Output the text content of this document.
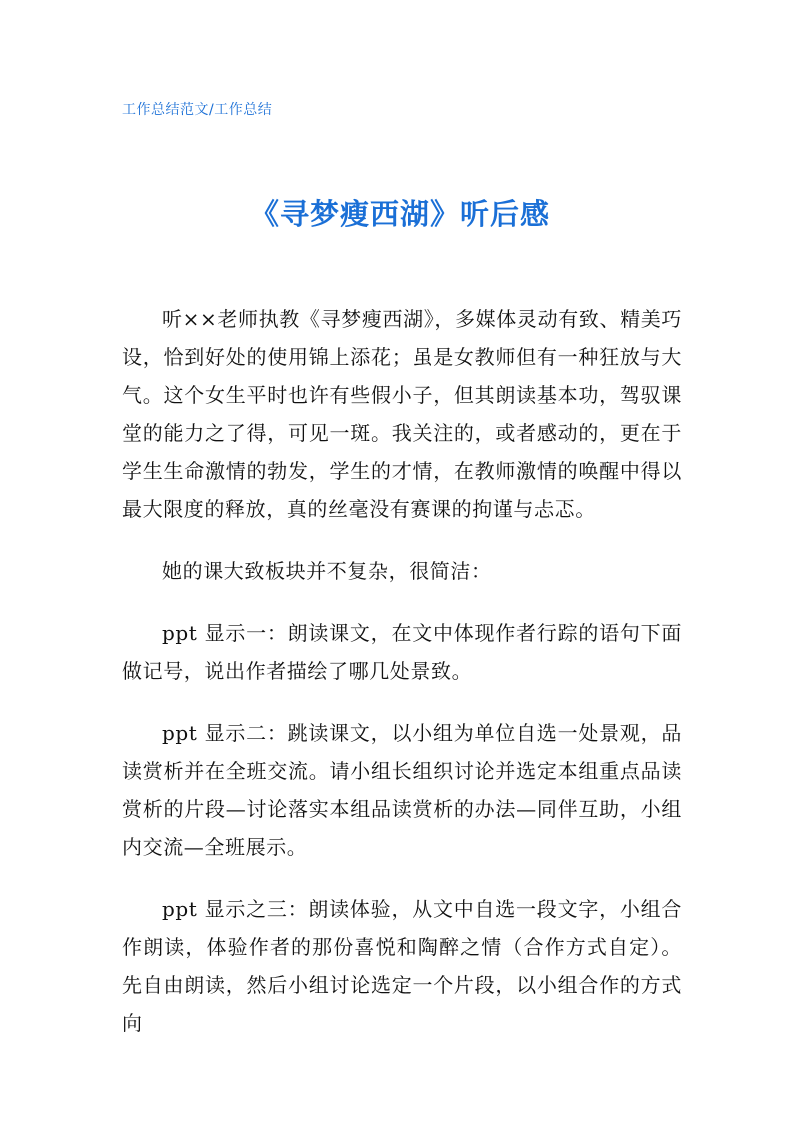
工作总结范文/工作总结
《寻梦瘦西湖》听后感

听××老师执教《寻梦瘦西湖》，多媒体灵动有致、精美巧设，恰到好处的使用锦上添花；虽是女教师但有一种狂放与大气。这个女生平时也许有些假小子，但其朗读基本功，驾驭课堂的能力之了得，可见一斑。我关注的，或者感动的，更在于学生生命激情的勃发，学生的才情，在教师激情的唤醒中得以最大限度的释放，真的丝毫没有赛课的拘谨与忐忑。

她的课大致板块并不复杂，很简洁：

ppt 显示一：朗读课文，在文中体现作者行踪的语句下面做记号，说出作者描绘了哪几处景致。

ppt 显示二：跳读课文，以小组为单位自选一处景观，品读赏析并在全班交流。请小组长组织讨论并选定本组重点品读赏析的片段—讨论落实本组品读赏析的办法—同伴互助，小组内交流—全班展示。

ppt 显示之三：朗读体验，从文中自选一段文字，小组合作朗读，体验作者的那份喜悦和陶醉之情（合作方式自定）。先自由朗读，然后小组讨论选定一个片段，以小组合作的方式向
